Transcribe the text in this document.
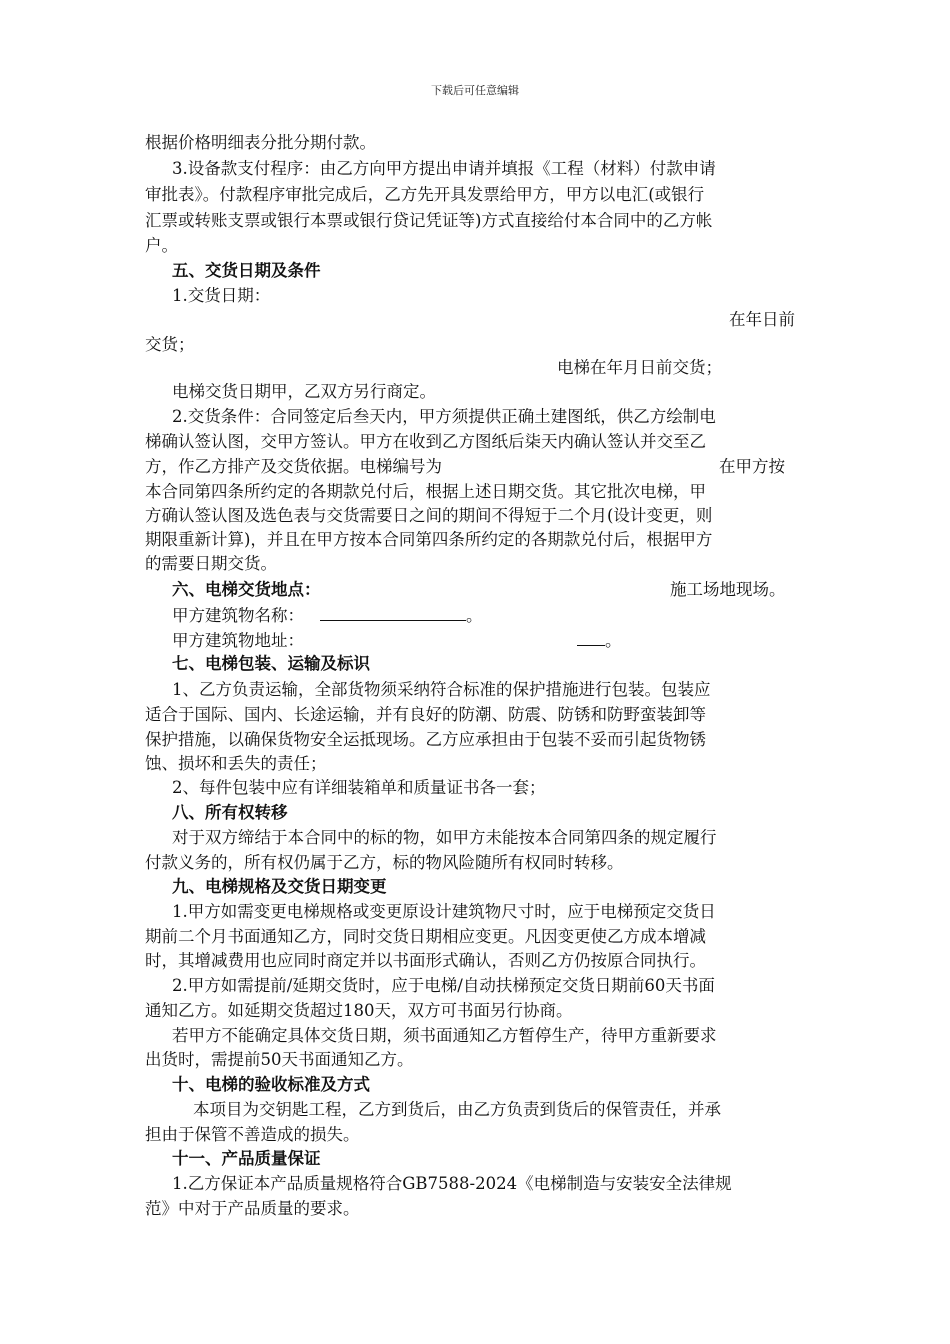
下载后可任意编辑
根据价格明细表分批分期付款。
3.设备款支付程序：由乙方向甲方提出申请并填报《工程（材料）付款申请
审批表》。付款程序审批完成后，乙方先开具发票给甲方，甲方以电汇(或银行
汇票或转账支票或银行本票或银行贷记凭证等)方式直接给付本合同中的乙方帐
户。
五、交货日期及条件
1.交货日期：
在年日前
交货；
电梯在年月日前交货；
电梯交货日期甲，乙双方另行商定。
2.交货条件：合同签定后叁天内，甲方须提供正确土建图纸，供乙方绘制电
梯确认签认图，交甲方签认。甲方在收到乙方图纸后柒天内确认签认并交至乙
方，作乙方排产及交货依据。电梯编号为	在甲方按
本合同第四条所约定的各期款兑付后，根据上述日期交货。其它批次电梯，甲
方确认签认图及选色表与交货需要日之间的期间不得短于二个月(设计变更，则
期限重新计算)，并且在甲方按本合同第四条所约定的各期款兑付后，根据甲方
的需要日期交货。
六、电梯交货地点：	施工场地现场。
甲方建筑物名称：	。
甲方建筑物地址：	。
七、电梯包装、运输及标识
1、乙方负责运输，全部货物须采纳符合标准的保护措施进行包装。包装应
适合于国际、国内、长途运输，并有良好的防潮、防震、防锈和防野蛮装卸等
保护措施，以确保货物安全运抵现场。乙方应承担由于包装不妥而引起货物锈
蚀、损坏和丢失的责任；
2、每件包装中应有详细装箱单和质量证书各一套；
八、所有权转移
对于双方缔结于本合同中的标的物，如甲方未能按本合同第四条的规定履行
付款义务的，所有权仍属于乙方，标的物风险随所有权同时转移。
九、电梯规格及交货日期变更
1.甲方如需变更电梯规格或变更原设计建筑物尺寸时，应于电梯预定交货日
期前二个月书面通知乙方，同时交货日期相应变更。凡因变更使乙方成本增减
时，其增减费用也应同时商定并以书面形式确认，否则乙方仍按原合同执行。
2.甲方如需提前/延期交货时，应于电梯/自动扶梯预定交货日期前60天书面
通知乙方。如延期交货超过180天，双方可书面另行协商。
若甲方不能确定具体交货日期，须书面通知乙方暂停生产，待甲方重新要求
出货时，需提前50天书面通知乙方。
十、电梯的验收标准及方式
本项目为交钥匙工程，乙方到货后，由乙方负责到货后的保管责任，并承
担由于保管不善造成的损失。
十一、产品质量保证
1.乙方保证本产品质量规格符合GB7588-2024《电梯制造与安装安全法律规
范》中对于产品质量的要求。
